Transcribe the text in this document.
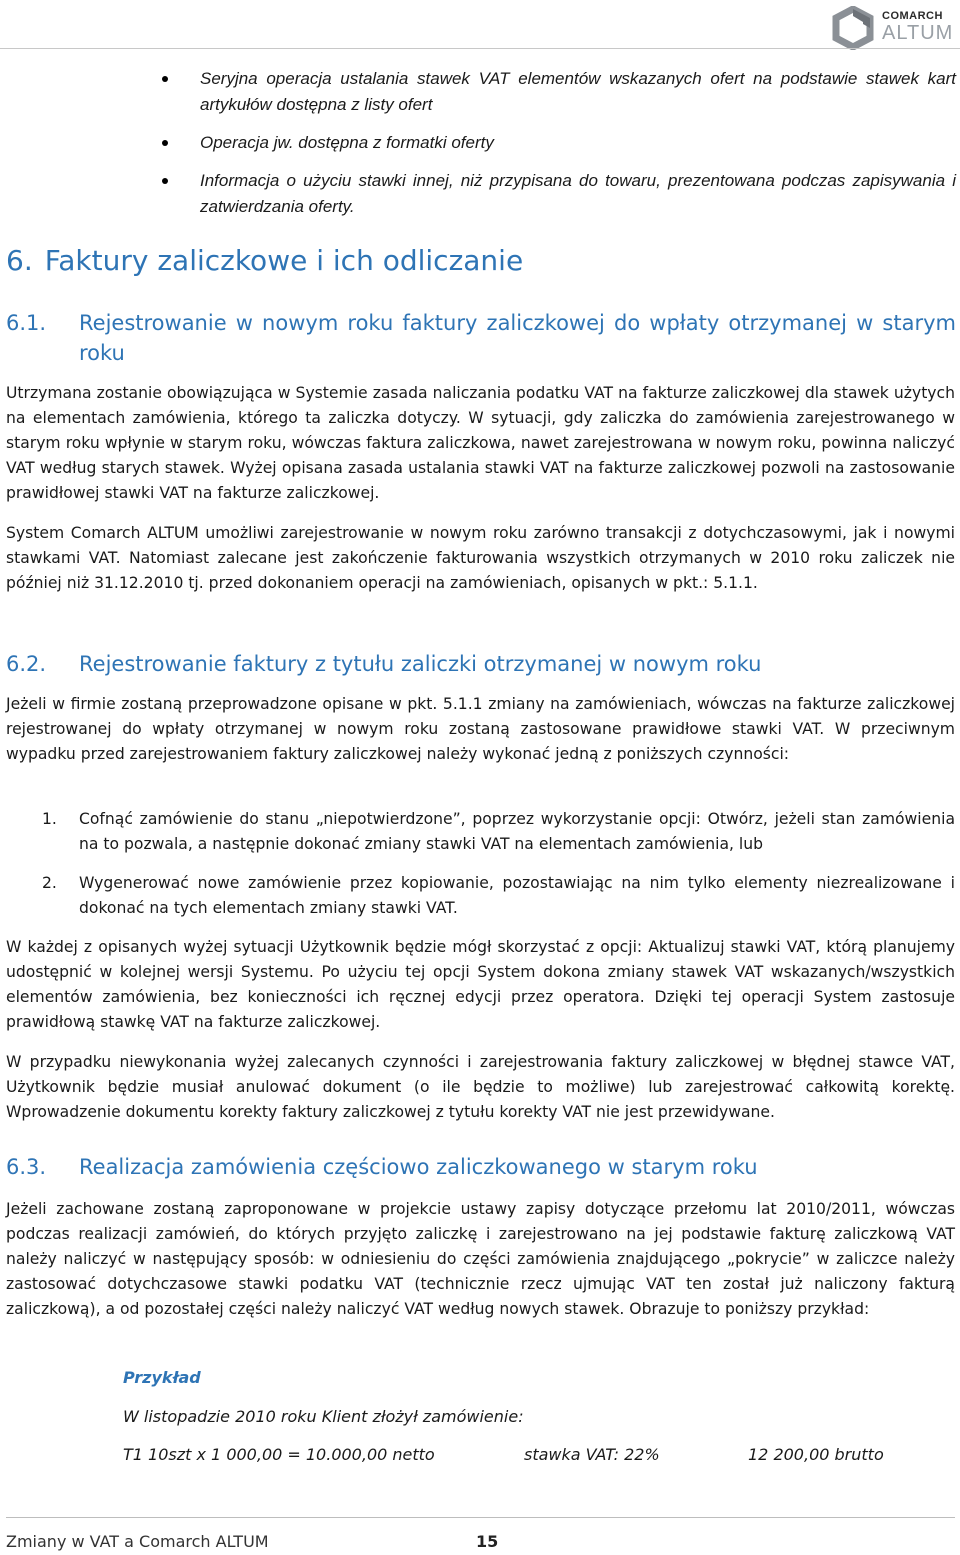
COMARCH
ALTUM
Seryjna operacja ustalania stawek VAT elementów wskazanych ofert na podstawie stawek kart artykułów dostępna z listy ofert
Operacja jw. dostępna z formatki oferty
Informacja o użyciu stawki innej, niż przypisana do towaru, prezentowana podczas zapisywania i zatwierdzania oferty.
6. Faktury zaliczkowe i ich odliczanie
6.1.	Rejestrowanie w nowym roku faktury zaliczkowej do wpłaty otrzymanej w starym roku

Utrzymana zostanie obowiązująca w Systemie zasada naliczania podatku VAT na fakturze zaliczkowej dla stawek użytych na elementach zamówienia, którego ta zaliczka dotyczy. W sytuacji, gdy zaliczka do zamówienia zarejestrowanego w starym roku wpłynie w starym roku, wówczas faktura zaliczkowa, nawet zarejestrowana w nowym roku, powinna naliczyć VAT według starych stawek. Wyżej opisana zasada ustalania stawki VAT na fakturze zaliczkowej pozwoli na zastosowanie prawidłowej stawki VAT na fakturze zaliczkowej.

System Comarch ALTUM umożliwi zarejestrowanie w nowym roku zarówno transakcji z dotychczasowymi, jak i nowymi stawkami VAT. Natomiast zalecane jest zakończenie fakturowania wszystkich otrzymanych w 2010 roku zaliczek nie później niż 31.12.2010 tj. przed dokonaniem operacji na zamówieniach, opisanych w pkt.: 5.1.1.

6.2.	Rejestrowanie faktury z tytułu zaliczki otrzymanej w nowym roku

Jeżeli w firmie zostaną przeprowadzone opisane w pkt. 5.1.1 zmiany na zamówieniach, wówczas na fakturze zaliczkowej rejestrowanej do wpłaty otrzymanej w nowym roku zostaną zastosowane prawidłowe stawki VAT. W przeciwnym wypadku przed zarejestrowaniem faktury zaliczkowej należy wykonać jedną z poniższych czynności:

1. Cofnąć zamówienie do stanu „niepotwierdzone”, poprzez wykorzystanie opcji: Otwórz, jeżeli stan zamówienia na to pozwala, a następnie dokonać zmiany stawki VAT na elementach zamówienia, lub
2. Wygenerować nowe zamówienie przez kopiowanie, pozostawiając na nim tylko elementy niezrealizowane i dokonać na tych elementach zmiany stawki VAT.

W każdej z opisanych wyżej sytuacji Użytkownik będzie mógł skorzystać z opcji: Aktualizuj stawki VAT, którą planujemy udostępnić w kolejnej wersji Systemu. Po użyciu tej opcji System dokona zmiany stawek VAT wskazanych/wszystkich elementów zamówienia, bez konieczności ich ręcznej edycji przez operatora. Dzięki tej operacji System zastosuje prawidłową stawkę VAT na fakturze zaliczkowej.

W przypadku niewykonania wyżej zalecanych czynności i zarejestrowania faktury zaliczkowej w błędnej stawce VAT, Użytkownik będzie musiał anulować dokument (o ile będzie to możliwe) lub zarejestrować całkowitą korektę. Wprowadzenie dokumentu korekty faktury zaliczkowej z tytułu korekty VAT nie jest przewidywane.

6.3.	Realizacja zamówienia częściowo zaliczkowanego w starym roku

Jeżeli zachowane zostaną zaproponowane w projekcie ustawy zapisy dotyczące przełomu lat 2010/2011, wówczas podczas realizacji zamówień, do których przyjęto zaliczkę i zarejestrowano na jej podstawie fakturę zaliczkową VAT należy naliczyć w następujący sposób: w odniesieniu do części zamówienia znajdującego „pokrycie” w zaliczce należy zastosować dotychczasowe stawki podatku VAT (technicznie rzecz ujmując VAT ten został już naliczony fakturą zaliczkową), a od pozostałej części należy naliczyć VAT według nowych stawek. Obrazuje to poniższy przykład:

Przykład
W listopadzie 2010 roku Klient złożył zamówienie:
T1 10szt x 1 000,00 = 10.000,00 netto	stawka VAT: 22%	12 200,00 brutto
Zmiany w VAT a Comarch ALTUM	15
